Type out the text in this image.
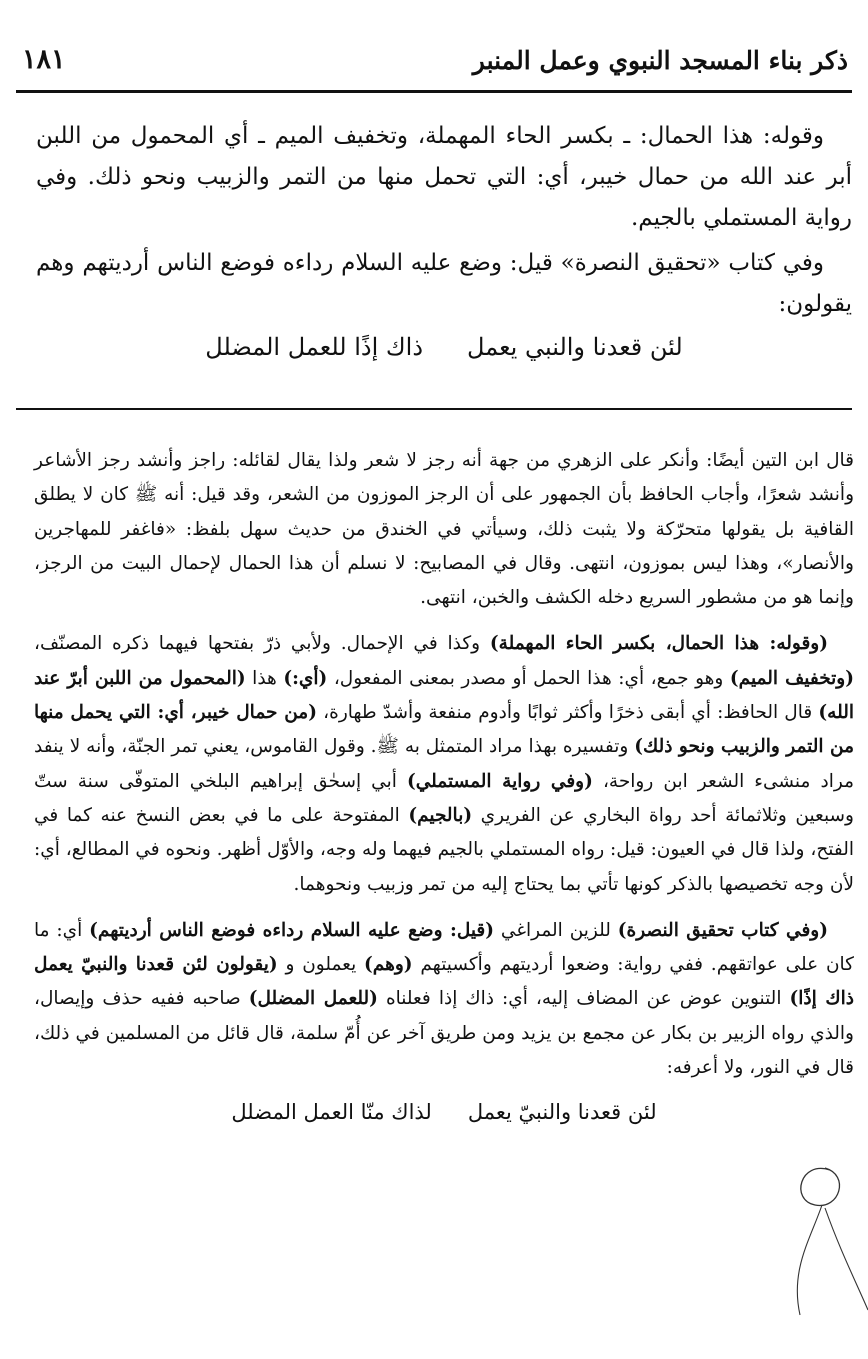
ذكر بناء المسجد النبوي وعمل المنبر
١٨١

وقوله: هذا الحمال: ـ بكسر الحاء المهملة، وتخفيف الميم ـ أي المحمول من اللبن أبر عند الله من حمال خيبر، أي: التي تحمل منها من التمر والزبيب ونحو ذلك. وفي رواية المستملي بالجيم.

وفي كتاب «تحقيق النصرة» قيل: وضع عليه السلام رداءه فوضع الناس أرديتهم وهم يقولون:

لئن قعدنا والنبي يعمل
ذاك إذًا للعمل المضلل

قال ابن التين أيضًا: وأنكر على الزهري من جهة أنه رجز لا شعر ولذا يقال لقائله: راجز وأنشد رجز الأشاعر وأنشد شعرًا، وأجاب الحافظ بأن الجمهور على أن الرجز الموزون من الشعر، وقد قيل: أنه ﷺ كان لا يطلق القافية بل يقولها متحرّكة ولا يثبت ذلك، وسيأتي في الخندق من حديث سهل بلفظ: «فاغفر للمهاجرين والأنصار»، وهذا ليس بموزون، انتهى. وقال في المصابيح: لا نسلم أن هذا الحمال لإحمال البيت من الرجز، وإنما هو من مشطور السريع دخله الكشف والخبن، انتهى.

(وقوله: هذا الحمال، بكسر الحاء المهملة) وكذا في الإحمال. ولأبي ذرّ بفتحها فيهما ذكره المصنّف، (وتخفيف الميم) وهو جمع، أي: هذا الحمل أو مصدر بمعنى المفعول، (أي:) هذا (المحمول من اللبن أبرّ عند الله) قال الحافظ: أي أبقى ذخرًا وأكثر ثوابًا وأدوم منفعة وأشدّ طهارة، (من حمال خيبر، أي: التي يحمل منها من التمر والزبيب ونحو ذلك) وتفسيره بهذا مراد المتمثل به ﷺ. وقول القاموس، يعني تمر الجنّة، وأنه لا ينفد مراد منشىء الشعر ابن رواحة، (وفي رواية المستملي) أبي إسحٰق إبراهيم البلخي المتوفّى سنة ستّ وسبعين وثلاثمائة أحد رواة البخاري عن الفريري (بالجيم) المفتوحة على ما في بعض النسخ عنه كما في الفتح، ولذا قال في العيون: قيل: رواه المستملي بالجيم فيهما وله وجه، والأوّل أظهر. ونحوه في المطالع، أي: لأن وجه تخصيصها بالذكر كونها تأتي بما يحتاج إليه من تمر وزبيب ونحوهما.

(وفي كتاب تحقيق النصرة) للزين المراغي (قيل: وضع عليه السلام رداءه فوضع الناس أرديتهم) أي: ما كان على عواتقهم. ففي رواية: وضعوا أرديتهم وأكسيتهم (وهم) يعملون و (يقولون لئن قعدنا والنبيّ يعمل ذاك إذًا) التنوين عوض عن المضاف إليه، أي: ذاك إذا فعلناه (للعمل المضلل) صاحبه ففيه حذف وإيصال، والذي رواه الزبير بن بكار عن مجمع بن يزيد ومن طريق آخر عن أُمّ سلمة، قال قائل من المسلمين في ذلك، قال في النور، ولا أعرفه:

لئن قعدنا والنبيّ يعمل
لذاك منّا العمل المضلل
